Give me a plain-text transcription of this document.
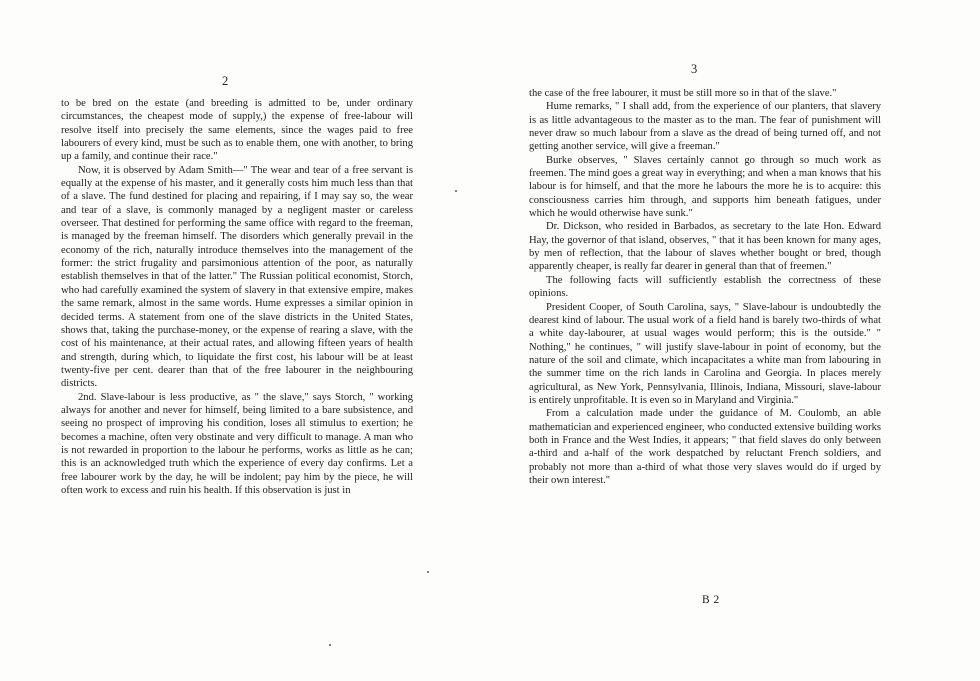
2

to be bred on the estate (and breeding is admitted to be, under ordinary circumstances, the cheapest mode of supply,) the expense of free-labour will resolve itself into precisely the same elements, since the wages paid to free labourers of every kind, must be such as to enable them, one with another, to bring up a family, and continue their race."

Now, it is observed by Adam Smith—" The wear and tear of a free servant is equally at the expense of his master, and it generally costs him much less than that of a slave. The fund destined for placing and repairing, if I may say so, the wear and tear of a slave, is commonly managed by a negligent master or careless overseer. That destined for performing the same office with regard to the freeman, is managed by the freeman himself. The disorders which generally prevail in the economy of the rich, naturally introduce themselves into the management of the former: the strict frugality and parsimonious attention of the poor, as naturally establish themselves in that of the latter." The Russian political economist, Storch, who had carefully examined the system of slavery in that extensive empire, makes the same remark, almost in the same words. Hume expresses a similar opinion in decided terms. A statement from one of the slave districts in the United States, shows that, taking the purchase-money, or the expense of rearing a slave, with the cost of his maintenance, at their actual rates, and allowing fifteen years of health and strength, during which, to liquidate the first cost, his labour will be at least twenty-five per cent. dearer than that of the free labourer in the neighbouring districts.

2nd. Slave-labour is less productive, as " the slave," says Storch, " working always for another and never for himself, being limited to a bare subsistence, and seeing no prospect of improving his condition, loses all stimulus to exertion; he becomes a machine, often very obstinate and very difficult to manage. A man who is not rewarded in proportion to the labour he performs, works as little as he can; this is an acknowledged truth which the experience of every day confirms. Let a free labourer work by the day, he will be indolent; pay him by the piece, he will often work to excess and ruin his health. If this observation is just in

3

the case of the free labourer, it must be still more so in that of the slave."

Hume remarks, " I shall add, from the experience of our planters, that slavery is as little advantageous to the master as to the man. The fear of punishment will never draw so much labour from a slave as the dread of being turned off, and not getting another service, will give a freeman."

Burke observes, " Slaves certainly cannot go through so much work as freemen. The mind goes a great way in everything; and when a man knows that his labour is for himself, and that the more he labours the more he is to acquire: this consciousness carries him through, and supports him beneath fatigues, under which he would otherwise have sunk."

Dr. Dickson, who resided in Barbados, as secretary to the late Hon. Edward Hay, the governor of that island, observes, " that it has been known for many ages, by men of reflection, that the labour of slaves whether bought or bred, though apparently cheaper, is really far dearer in general than that of freemen."

The following facts will sufficiently establish the correctness of these opinions.

President Cooper, of South Carolina, says, " Slave-labour is undoubtedly the dearest kind of labour. The usual work of a field hand is barely two-thirds of what a white day-labourer, at usual wages would perform; this is the outside." " Nothing," he continues, " will justify slave-labour in point of economy, but the nature of the soil and climate, which incapacitates a white man from labouring in the summer time on the rich lands in Carolina and Georgia. In places merely agricultural, as New York, Pennsylvania, Illinois, Indiana, Missouri, slave-labour is entirely unprofitable. It is even so in Maryland and Virginia."

From a calculation made under the guidance of M. Coulomb, an able mathematician and experienced engineer, who conducted extensive building works both in France and the West Indies, it appears; " that field slaves do only between a-third and a-half of the work despatched by reluctant French soldiers, and probably not more than a-third of what those very slaves would do if urged by their own interest."

B 2
